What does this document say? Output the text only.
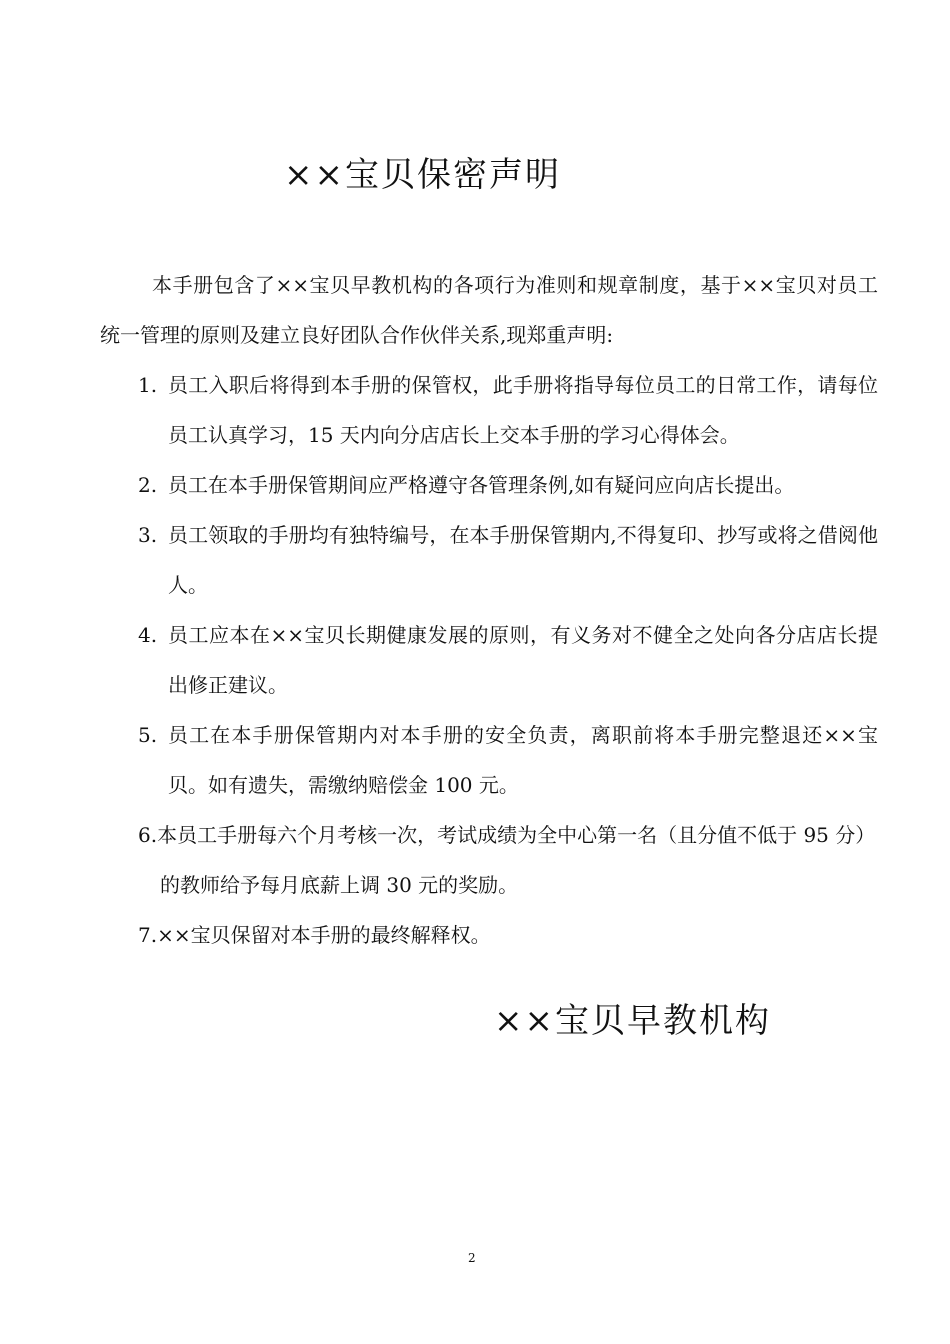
××宝贝保密声明
本手册包含了××宝贝早教机构的各项行为准则和规章制度，基于××宝贝对员工统一管理的原则及建立良好团队合作伙伴关系,现郑重声明:
1. 员工入职后将得到本手册的保管权，此手册将指导每位员工的日常工作，请每位员工认真学习，15 天内向分店店长上交本手册的学习心得体会。
2. 员工在本手册保管期间应严格遵守各管理条例,如有疑问应向店长提出。
3. 员工领取的手册均有独特编号，在本手册保管期内,不得复印、抄写或将之借阅他人。
4. 员工应本在××宝贝长期健康发展的原则，有义务对不健全之处向各分店店长提出修正建议。
5. 员工在本手册保管期内对本手册的安全负责，离职前将本手册完整退还××宝贝。如有遗失，需缴纳赔偿金 100 元。
6.本员工手册每六个月考核一次，考试成绩为全中心第一名（且分值不低于 95 分）的教师给予每月底薪上调 30 元的奖励。
7.××宝贝保留对本手册的最终解释权。
××宝贝早教机构
2
